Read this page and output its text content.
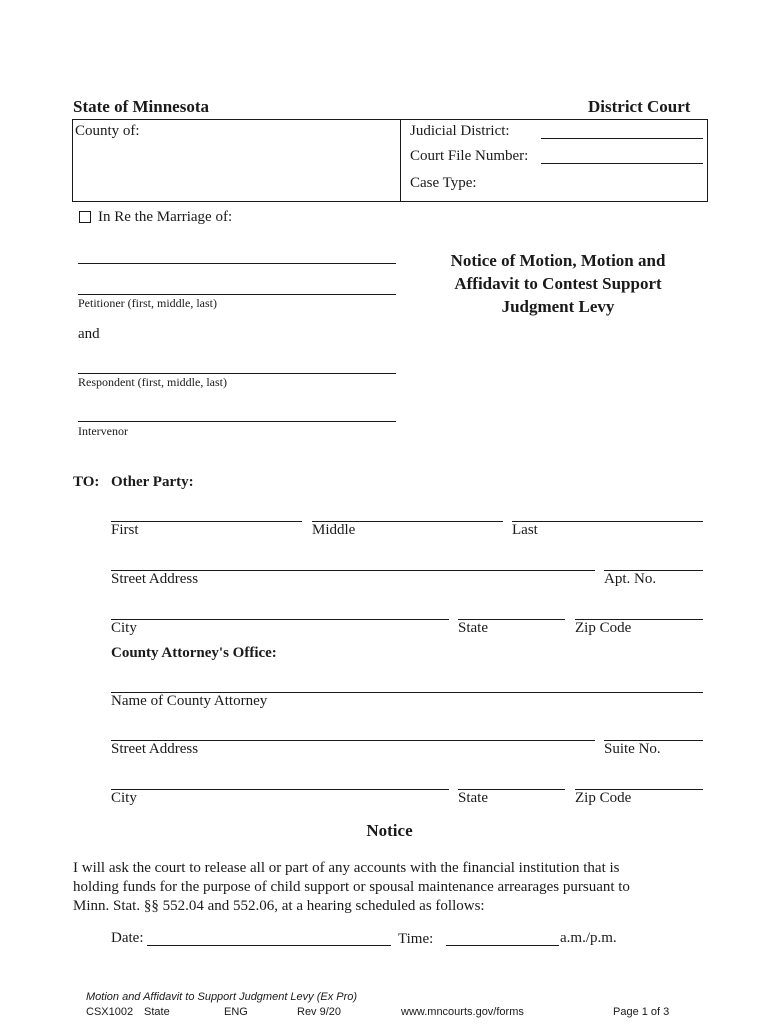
State of Minnesota	District Court
County of:	Judicial District:
Court File Number:
Case Type:
In Re the Marriage of:
Petitioner (first, middle, last)
and
Respondent (first, middle, last)
Intervenor
Notice of Motion, Motion and
Affidavit to Contest Support
Judgment Levy
TO: Other Party:
First	Middle	Last
Street Address	Apt. No.
City	State	Zip Code
County Attorney's Office:
Name of County Attorney
Street Address	Suite No.
City	State	Zip Code
Notice
I will ask the court to release all or part of any accounts with the financial institution that is
holding funds for the purpose of child support or spousal maintenance arrearages pursuant to
Minn. Stat. §§ 552.04 and 552.06, at a hearing scheduled as follows:
Date:	Time:	a.m./p.m.
Motion and Affidavit to Support Judgment Levy (Ex Pro)
CSX1002 State	ENG	Rev 9/20	www.mncourts.gov/forms	Page 1 of 3
